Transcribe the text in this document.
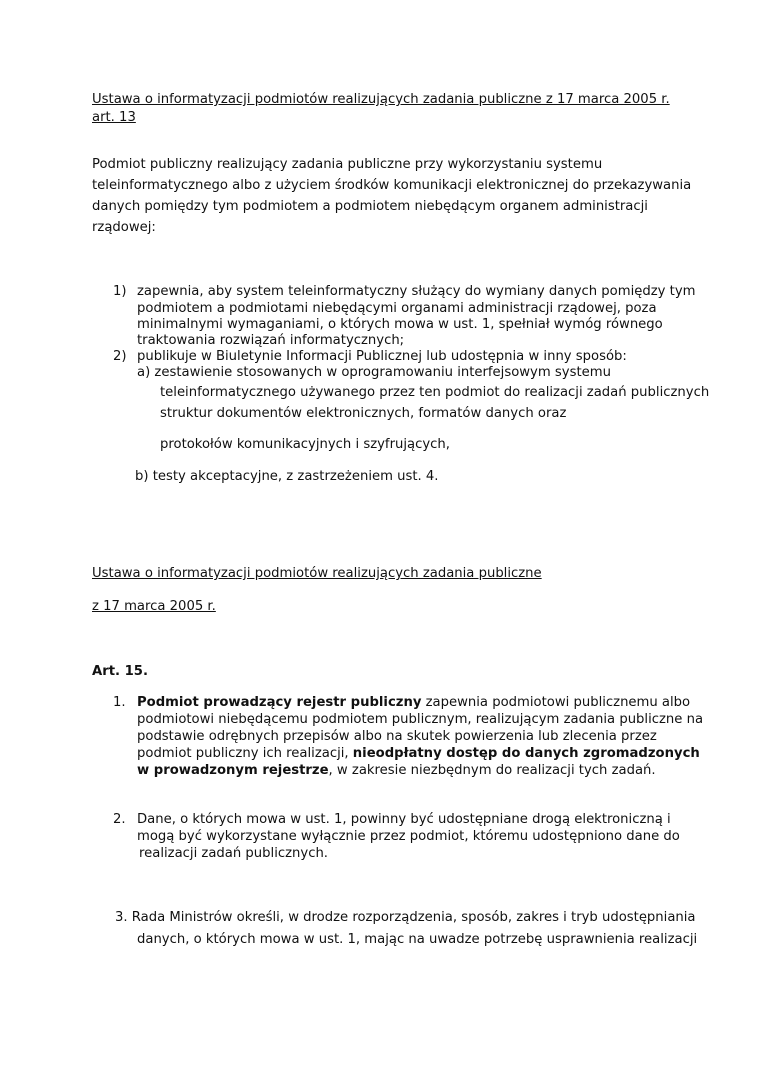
Ustawa o informatyzacji podmiotów realizujących zadania publiczne z 17 marca 2005 r.
art. 13
Podmiot publiczny realizujący zadania publiczne przy wykorzystaniu systemu
teleinformatycznego albo z użyciem środków komunikacji elektronicznej do przekazywania
danych pomiędzy tym podmiotem a podmiotem niebędącym organem administracji
rządowej:
1) zapewnia, aby system teleinformatyczny służący do wymiany danych pomiędzy tym
podmiotem a podmiotami niebędącymi organami administracji rządowej, poza
minimalnymi wymaganiami, o których mowa w ust. 1, spełniał wymóg równego
traktowania rozwiązań informatycznych;
2) publikuje w Biuletynie Informacji Publicznej lub udostępnia w inny sposób:
a) zestawienie stosowanych w oprogramowaniu interfejsowym systemu
teleinformatycznego używanego przez ten podmiot do realizacji zadań publicznych
struktur dokumentów elektronicznych, formatów danych oraz
protokołów komunikacyjnych i szyfrujących,
b) testy akceptacyjne, z zastrzeżeniem ust. 4.
Ustawa o informatyzacji podmiotów realizujących zadania publiczne
z 17 marca 2005 r.
Art. 15.
1. Podmiot prowadzący rejestr publiczny zapewnia podmiotowi publicznemu albo
podmiotowi niebędącemu podmiotem publicznym, realizującym zadania publiczne na
podstawie odrębnych przepisów albo na skutek powierzenia lub zlecenia przez
podmiot publiczny ich realizacji, nieodpłatny dostęp do danych zgromadzonych
w prowadzonym rejestrze, w zakresie niezbędnym do realizacji tych zadań.
2. Dane, o których mowa w ust. 1, powinny być udostępniane drogą elektroniczną i
mogą być wykorzystane wyłącznie przez podmiot, któremu udostępniono dane do
realizacji zadań publicznych.
3. Rada Ministrów określi, w drodze rozporządzenia, sposób, zakres i tryb udostępniania
danych, o których mowa w ust. 1, mając na uwadze potrzebę usprawnienia realizacji
